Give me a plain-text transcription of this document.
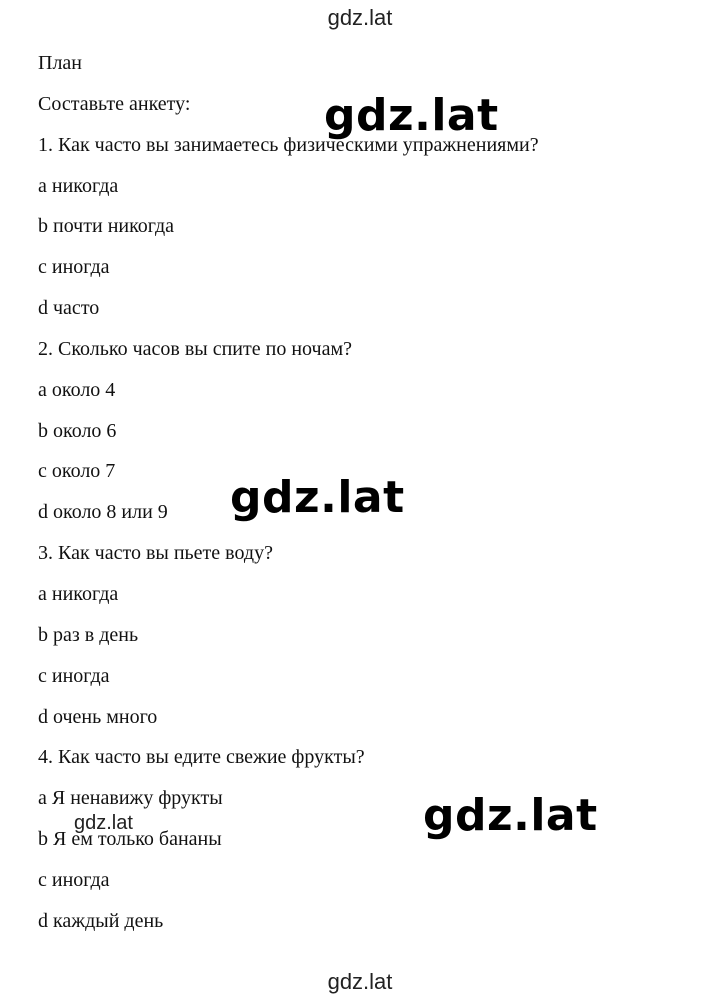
gdz.lat
План
Составьте анкету:
1. Как часто вы занимаетесь физическими упражнениями?
a никогда
b почти никогда
c иногда
d часто
2. Сколько часов вы спите по ночам?
a около 4
b около 6
c около 7
d около 8 или 9
3. Как часто вы пьете воду?
a никогда
b раз в день
c иногда
d очень много
4. Как часто вы едите свежие фрукты?
a Я ненавижу фрукты
b Я ем только бананы
c иногда
d каждый день
gdz.lat
gdz.lat
gdz.lat
gdz.lat
gdz.lat
